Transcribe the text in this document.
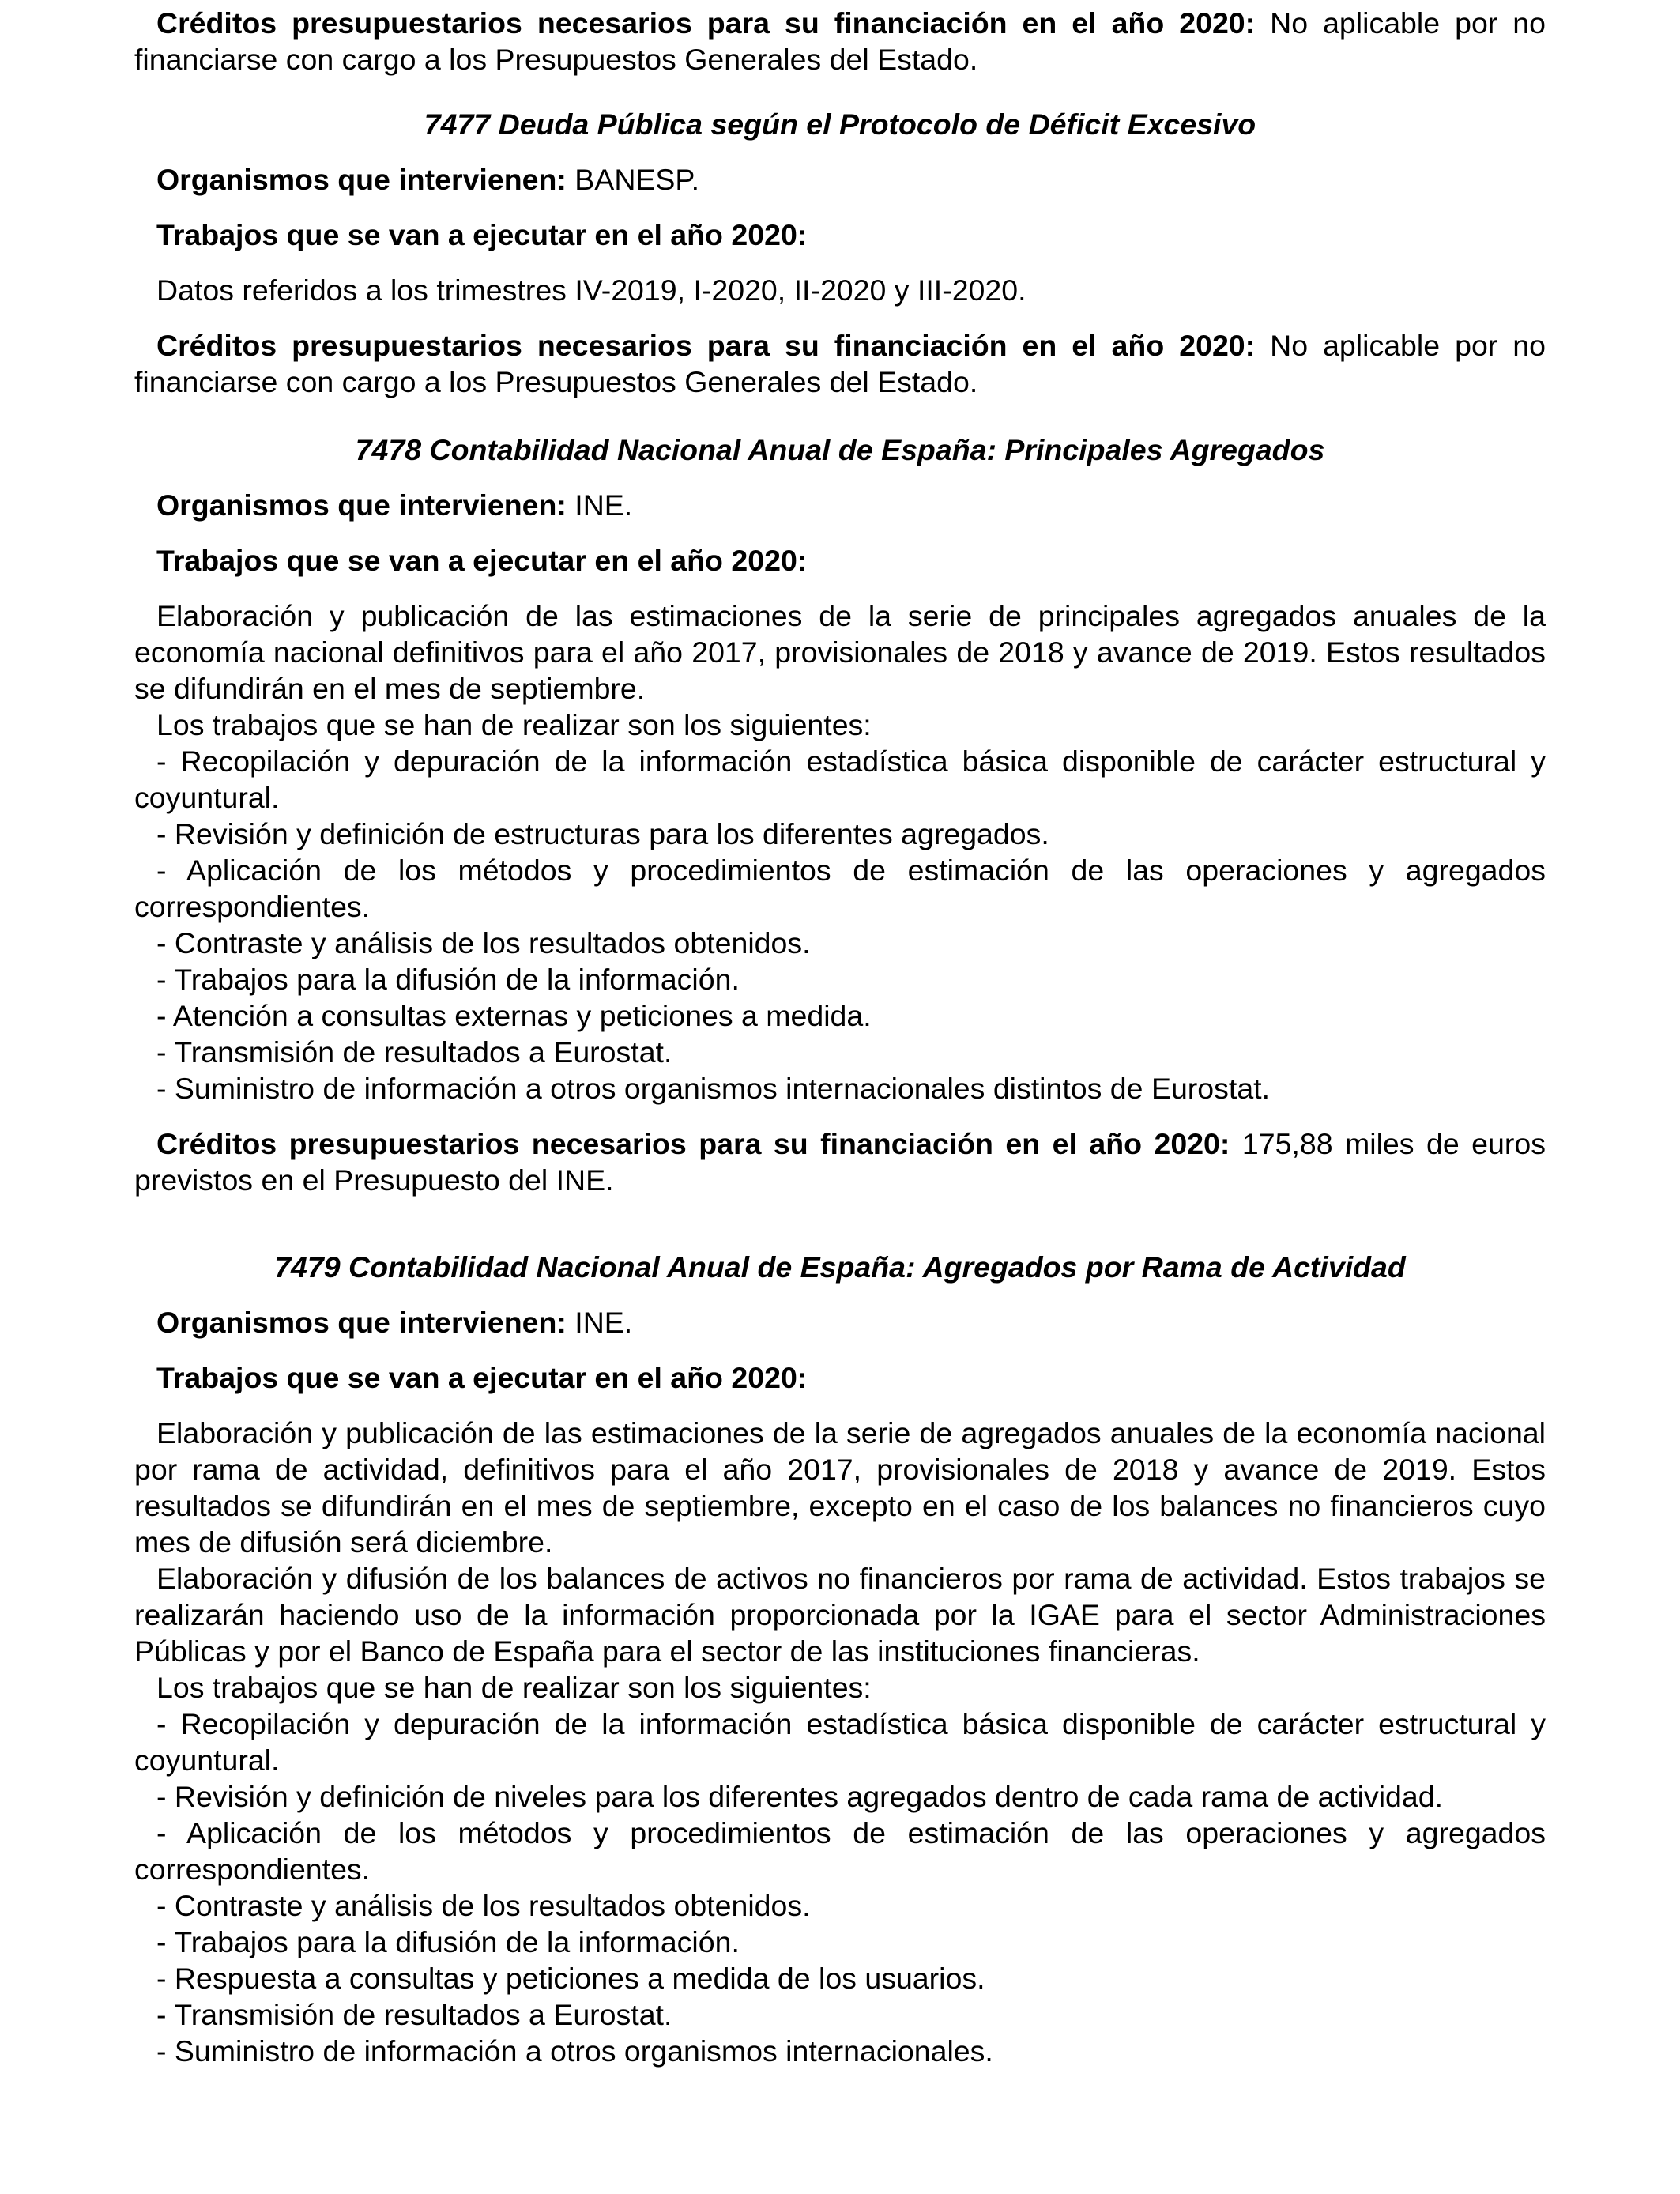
Créditos presupuestarios necesarios para su financiación en el año 2020: No aplicable por no financiarse con cargo a los Presupuestos Generales del Estado.

7477 Deuda Pública según el Protocolo de Déficit Excesivo

Organismos que intervienen: BANESP.

Trabajos que se van a ejecutar en el año 2020:

Datos referidos a los trimestres IV-2019, I-2020, II-2020 y III-2020.

Créditos presupuestarios necesarios para su financiación en el año 2020: No aplicable por no financiarse con cargo a los Presupuestos Generales del Estado.

7478 Contabilidad Nacional Anual de España: Principales Agregados

Organismos que intervienen: INE.

Trabajos que se van a ejecutar en el año 2020:

Elaboración y publicación de las estimaciones de la serie de principales agregados anuales de la economía nacional definitivos para el año 2017, provisionales de 2018 y avance de 2019. Estos resultados se difundirán en el mes de septiembre.

Los trabajos que se han de realizar son los siguientes:

- Recopilación y depuración de la información estadística básica disponible de carácter estructural y coyuntural.
- Revisión y definición de estructuras para los diferentes agregados.
- Aplicación de los métodos y procedimientos de estimación de las operaciones y agregados correspondientes.
- Contraste y análisis de los resultados obtenidos.
- Trabajos para la difusión de la información.
- Atención a consultas externas y peticiones a medida.
- Transmisión de resultados a Eurostat.
- Suministro de información a otros organismos internacionales distintos de Eurostat.

Créditos presupuestarios necesarios para su financiación en el año 2020: 175,88 miles de euros previstos en el Presupuesto del INE.

7479 Contabilidad Nacional Anual de España: Agregados por Rama de Actividad

Organismos que intervienen: INE.

Trabajos que se van a ejecutar en el año 2020:

Elaboración y publicación de las estimaciones de la serie de agregados anuales de la economía nacional por rama de actividad, definitivos para el año 2017, provisionales de 2018 y avance de 2019. Estos resultados se difundirán en el mes de septiembre, excepto en el caso de los balances no financieros cuyo mes de difusión será diciembre.

Elaboración y difusión de los balances de activos no financieros por rama de actividad. Estos trabajos se realizarán haciendo uso de la información proporcionada por la IGAE para el sector Administraciones Públicas y por el Banco de España para el sector de las instituciones financieras.

Los trabajos que se han de realizar son los siguientes:

- Recopilación y depuración de la información estadística básica disponible de carácter estructural y coyuntural.
- Revisión y definición de niveles para los diferentes agregados dentro de cada rama de actividad.
- Aplicación de los métodos y procedimientos de estimación de las operaciones y agregados correspondientes.
- Contraste y análisis de los resultados obtenidos.
- Trabajos para la difusión de la información.
- Respuesta a consultas y peticiones a medida de los usuarios.
- Transmisión de resultados a Eurostat.
- Suministro de información a otros organismos internacionales.
